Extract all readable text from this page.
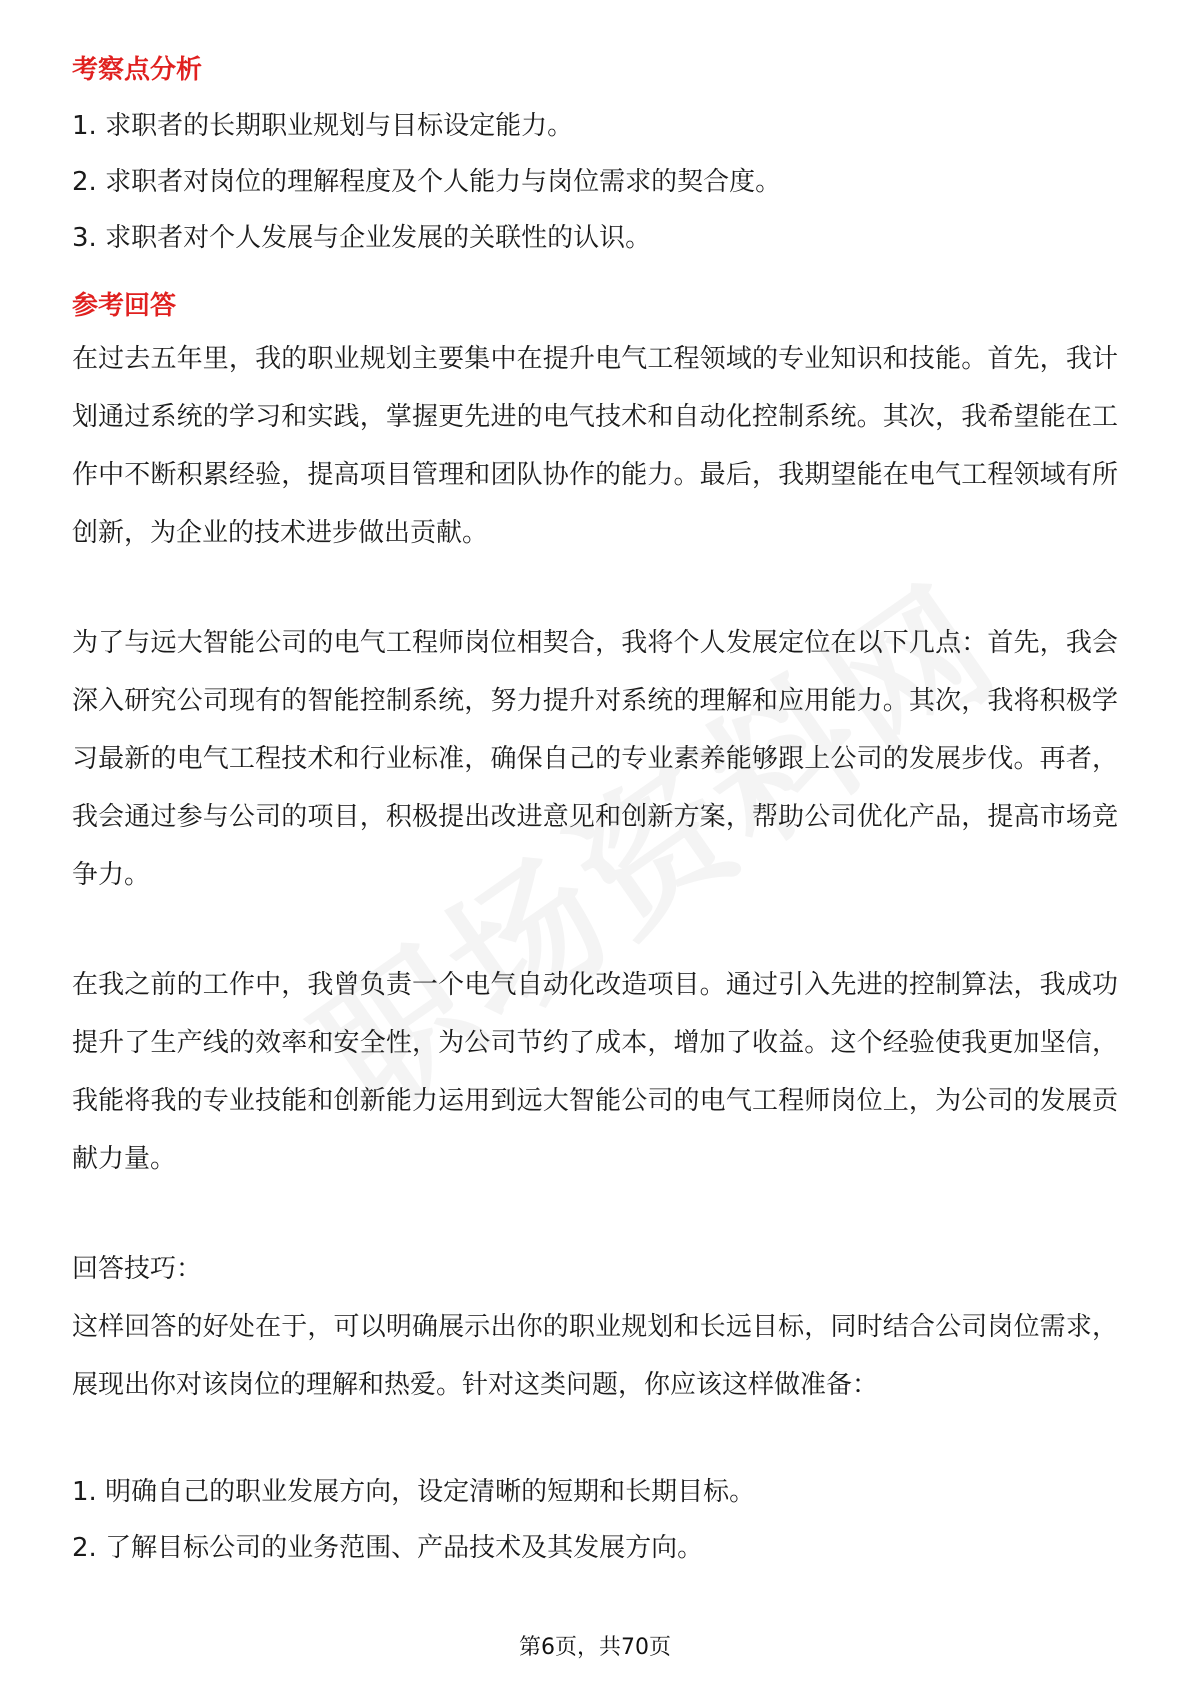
考察点分析
1. 求职者的长期职业规划与目标设定能力。
2. 求职者对岗位的理解程度及个人能力与岗位需求的契合度。
3. 求职者对个人发展与企业发展的关联性的认识。
参考回答

在过去五年里，我的职业规划主要集中在提升电气工程领域的专业知识和技能。首先，我计划通过系统的学习和实践，掌握更先进的电气技术和自动化控制系统。其次，我希望能在工作中不断积累经验，提高项目管理和团队协作的能力。最后，我期望能在电气工程领域有所创新，为企业的技术进步做出贡献。

为了与远大智能公司的电气工程师岗位相契合，我将个人发展定位在以下几点：首先，我会深入研究公司现有的智能控制系统，努力提升对系统的理解和应用能力。其次，我将积极学习最新的电气工程技术和行业标准，确保自己的专业素养能够跟上公司的发展步伐。再者，我会通过参与公司的项目，积极提出改进意见和创新方案，帮助公司优化产品，提高市场竞争力。

在我之前的工作中，我曾负责一个电气自动化改造项目。通过引入先进的控制算法，我成功提升了生产线的效率和安全性，为公司节约了成本，增加了收益。这个经验使我更加坚信，我能将我的专业技能和创新能力运用到远大智能公司的电气工程师岗位上，为公司的发展贡献力量。

回答技巧：

这样回答的好处在于，可以明确展示出你的职业规划和长远目标，同时结合公司岗位需求，展现出你对该岗位的理解和热爱。针对这类问题，你应该这样做准备：

1. 明确自己的职业发展方向，设定清晰的短期和长期目标。
2. 了解目标公司的业务范围、产品技术及其发展方向。
第6页，共70页
